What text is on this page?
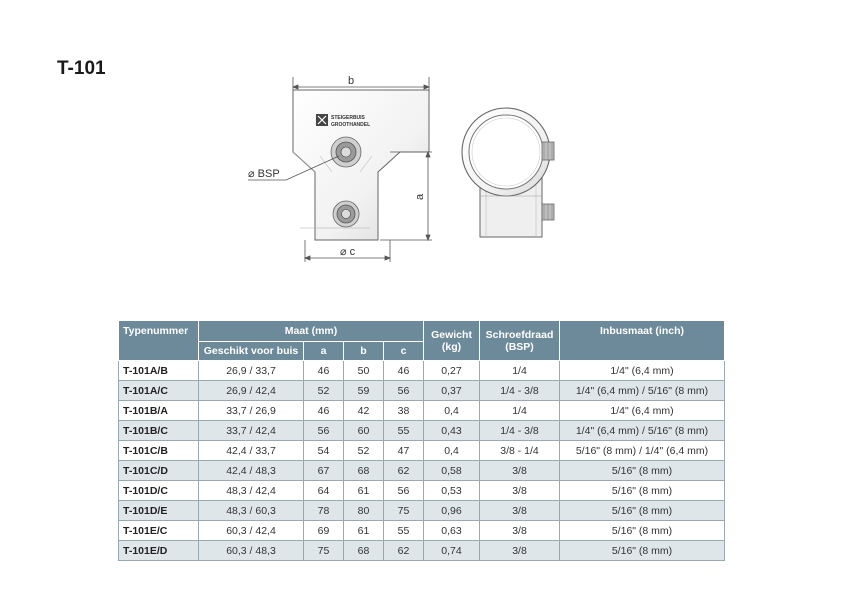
T-101
b
STEIGERBUIS
GROOTHANDEL
⌀ BSP
a
⌀ c
Typenummer	Maat (mm)				Gewicht (kg)	Schroefdraad (BSP)	Inbusmaat (inch)
	Geschikt voor buis	a	b	c			
T-101A/B	26,9 / 33,7	46	50	46	0,27	1/4	1/4" (6,4 mm)
T-101A/C	26,9 / 42,4	52	59	56	0,37	1/4 - 3/8	1/4" (6,4 mm) / 5/16" (8 mm)
T-101B/A	33,7 / 26,9	46	42	38	0,4	1/4	1/4" (6,4 mm)
T-101B/C	33,7 / 42,4	56	60	55	0,43	1/4 - 3/8	1/4" (6,4 mm) / 5/16" (8 mm)
T-101C/B	42,4 / 33,7	54	52	47	0,4	3/8 - 1/4	5/16" (8 mm) / 1/4" (6,4 mm)
T-101C/D	42,4 / 48,3	67	68	62	0,58	3/8	5/16" (8 mm)
T-101D/C	48,3 / 42,4	64	61	56	0,53	3/8	5/16" (8 mm)
T-101D/E	48,3 / 60,3	78	80	75	0,96	3/8	5/16" (8 mm)
T-101E/C	60,3 / 42,4	69	61	55	0,63	3/8	5/16" (8 mm)
T-101E/D	60,3 / 48,3	75	68	62	0,74	3/8	5/16" (8 mm)
